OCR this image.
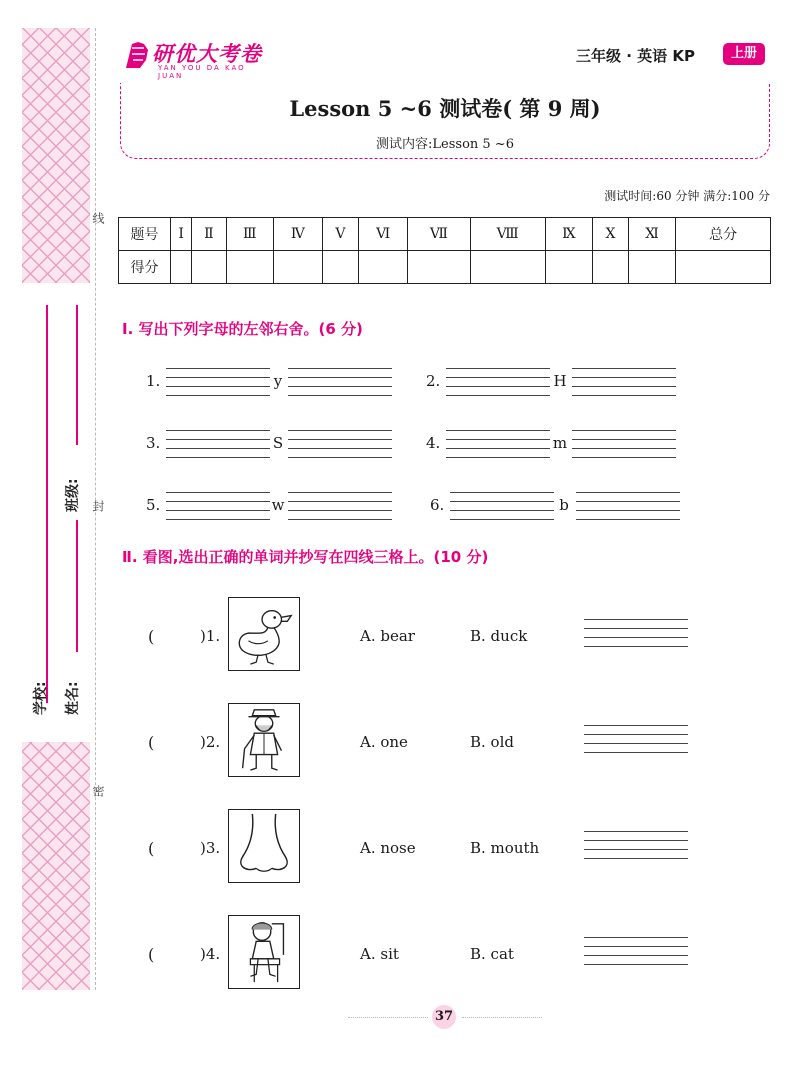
线
封
密
学校: 姓名:
班级:
研优大考卷
YAN YOU DA KAO JUAN
三年级 · 英语 KP	上册
Lesson 5 ~6 测试卷( 第 9 周)
测试内容:Lesson 5 ~6
测试时间:60 分钟 满分:100 分
题号	I	Ⅱ	Ⅲ	Ⅳ	V	Ⅵ	Ⅶ	Ⅷ	Ⅸ	X	Ⅺ	总分
得分												
Ⅰ. 写出下列字母的左邻右舍。(6 分)
1.	y	2.	H
3.	S	4.	m
5.	w	6.	b
Ⅱ. 看图,选出正确的单词并抄写在四线三格上。(10 分)
(	)1.	A. bear	B. duck
(	)2.	A. one	B. old
(	)3.	A. nose	B. mouth
(	)4.	A. sit	B. cat
37
